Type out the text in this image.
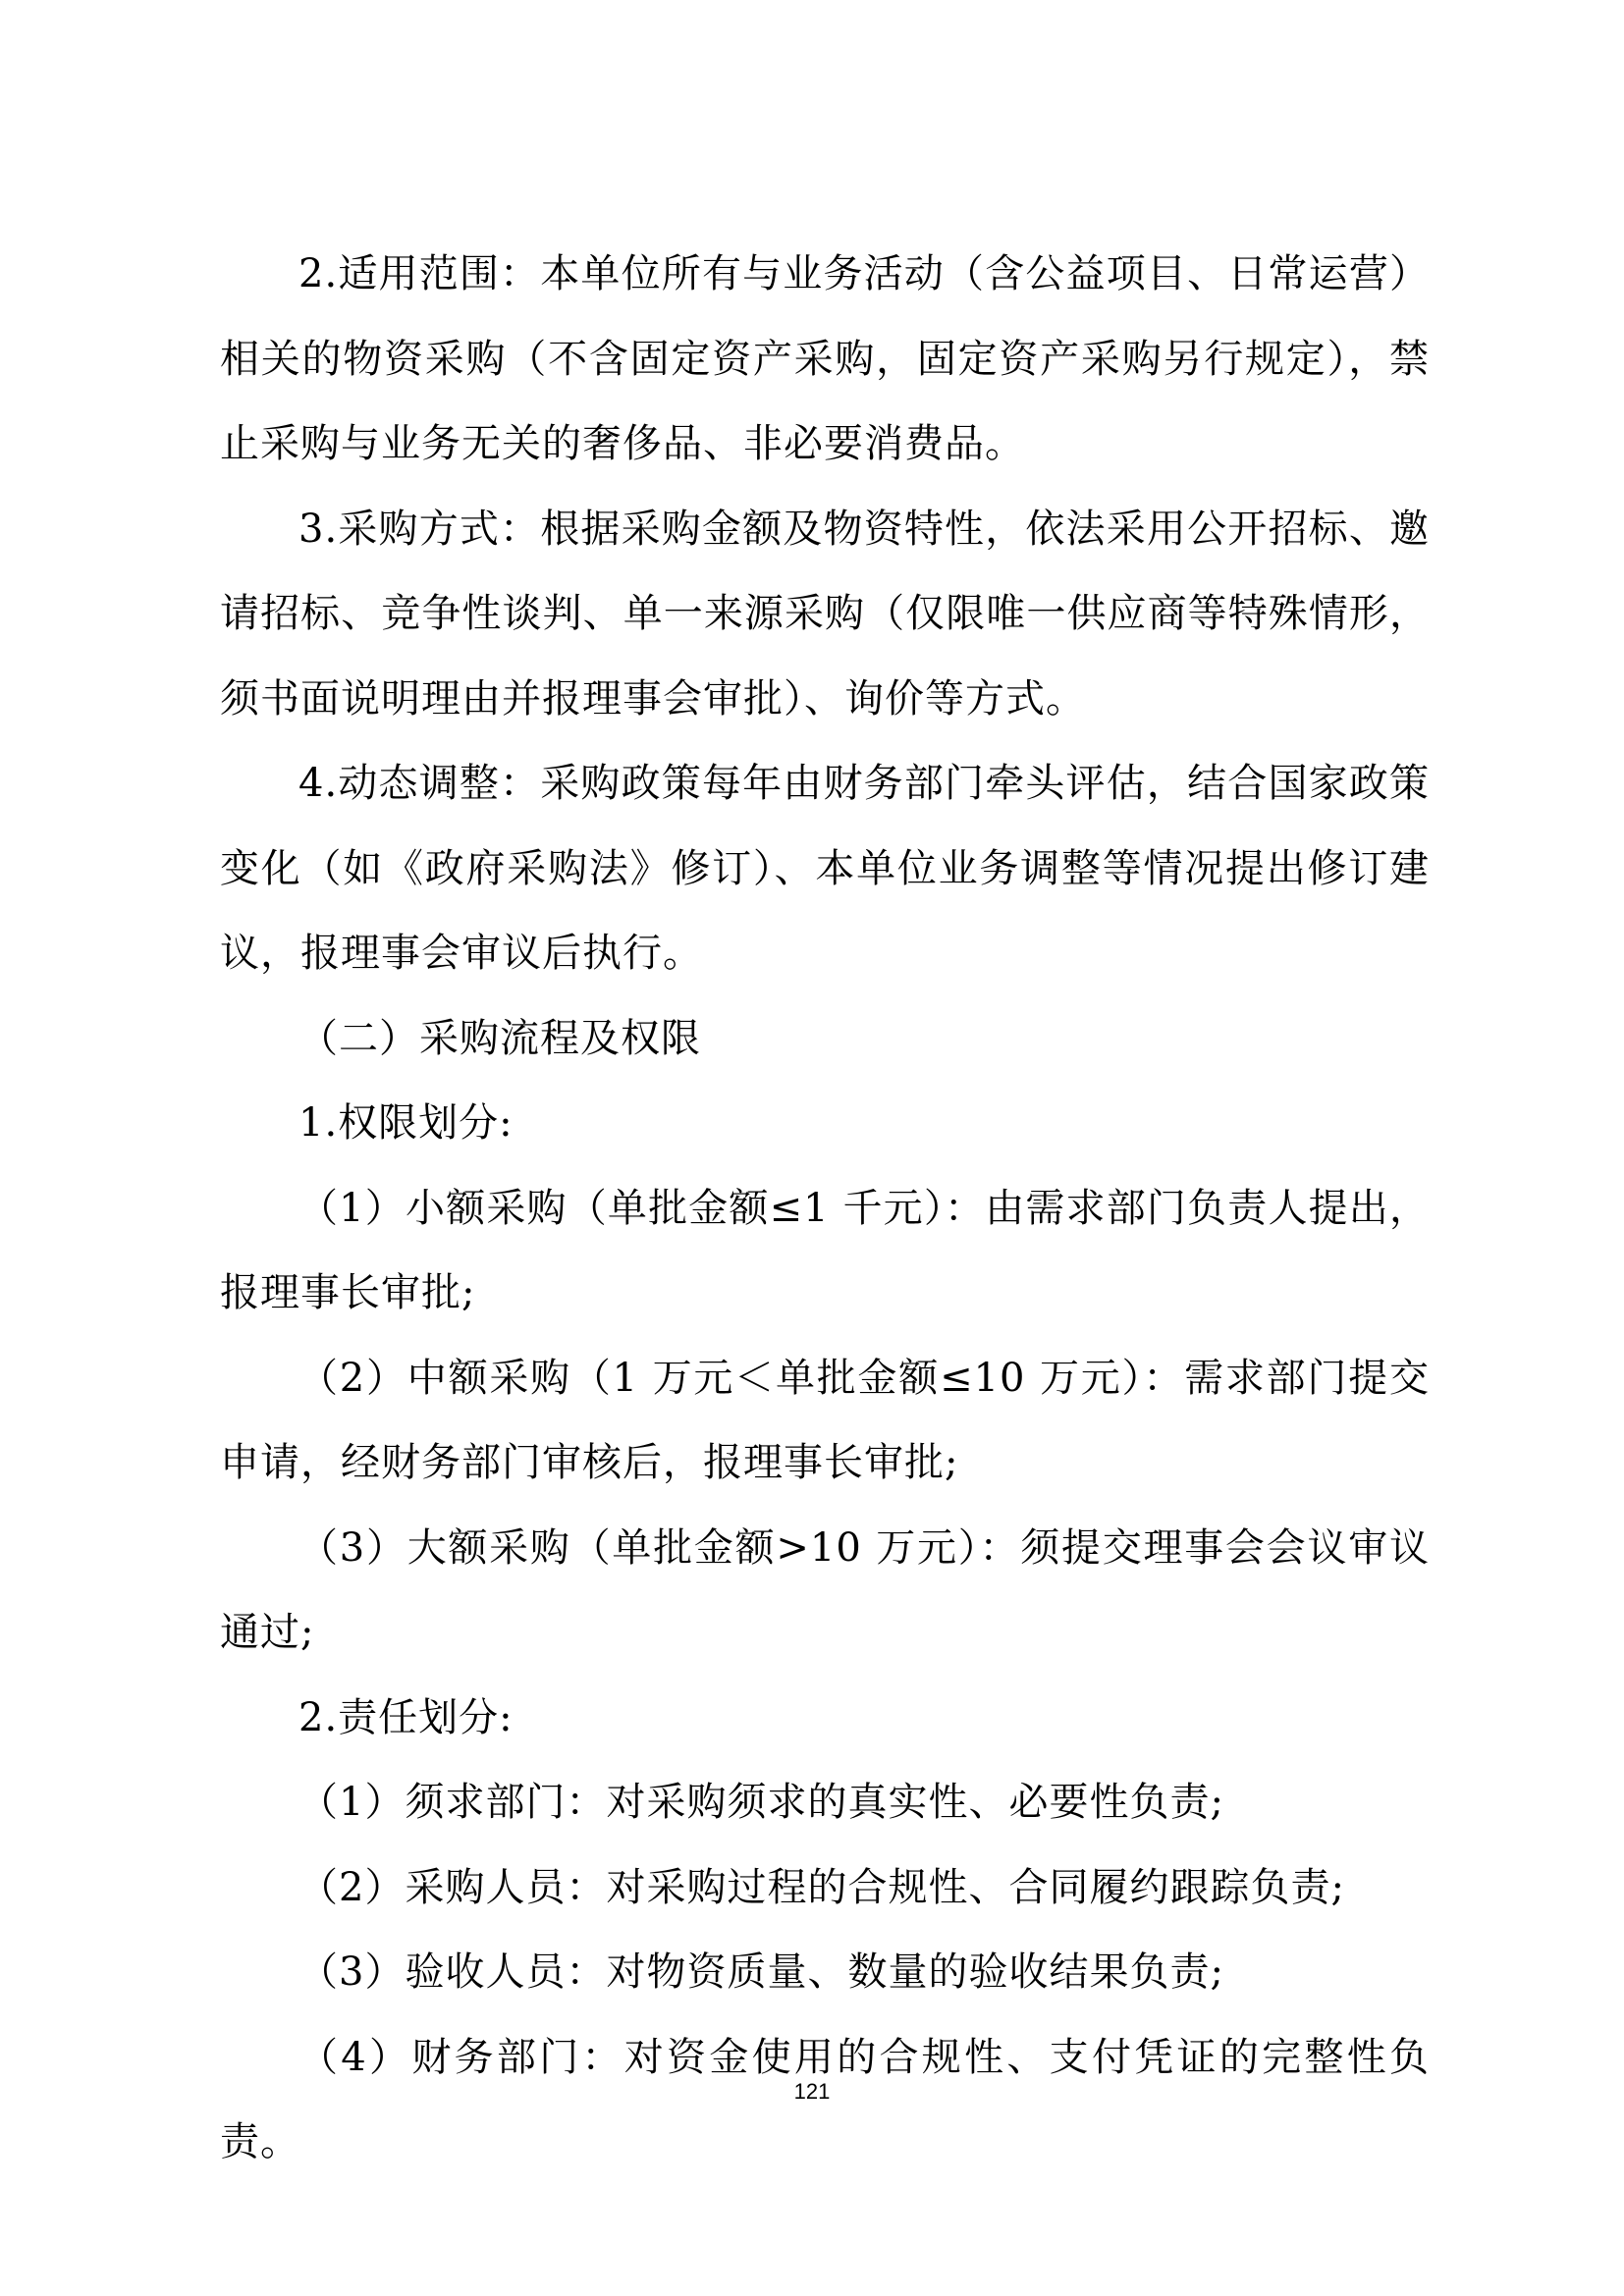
2.适用范围：本单位所有与业务活动（含公益项目、日常运营）相关的物资采购（不含固定资产采购，固定资产采购另行规定），禁止采购与业务无关的奢侈品、非必要消费品。

3.采购方式：根据采购金额及物资特性，依法采用公开招标、邀请招标、竞争性谈判、单一来源采购（仅限唯一供应商等特殊情形，须书面说明理由并报理事会审批）、询价等方式。

4.动态调整：采购政策每年由财务部门牵头评估，结合国家政策变化（如《政府采购法》修订）、本单位业务调整等情况提出修订建议，报理事会审议后执行。

（二）采购流程及权限

1.权限划分:

（1）小额采购（单批金额≤1 千元）：由需求部门负责人提出，报理事长审批;

（2）中额采购（1 万元＜单批金额≤10 万元）：需求部门提交申请，经财务部门审核后，报理事长审批;

（3）大额采购（单批金额>10 万元）：须提交理事会会议审议通过;

2.责任划分:

（1）须求部门：对采购须求的真实性、必要性负责;

（2）采购人员：对采购过程的合规性、合同履约跟踪负责;

（3）验收人员：对物资质量、数量的验收结果负责;

（4）财务部门：对资金使用的合规性、支付凭证的完整性负责。

121
